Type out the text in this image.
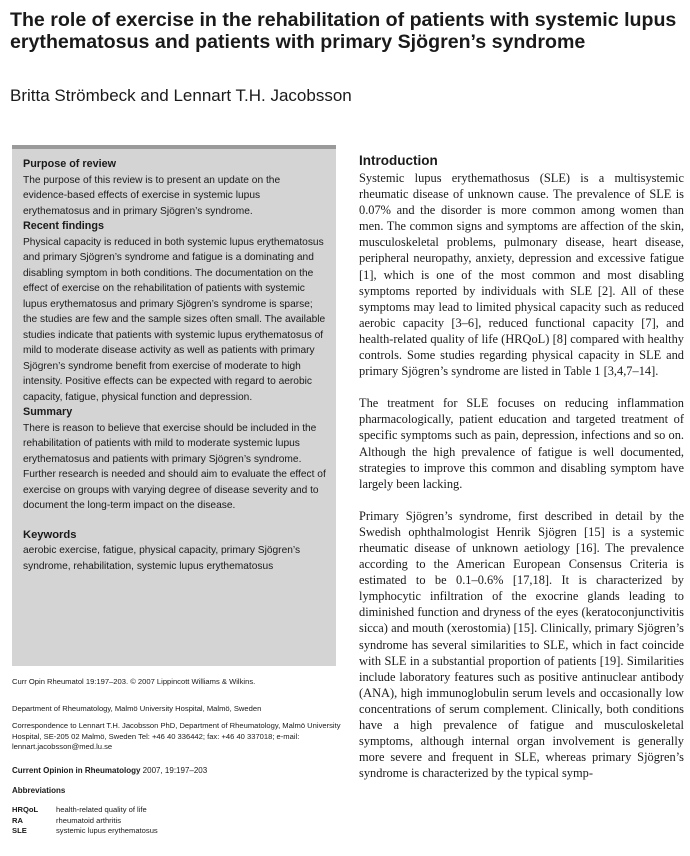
The role of exercise in the rehabilitation of patients with systemic lupus erythematosus and patients with primary Sjögren’s syndrome
Britta Strömbeck and Lennart T.H. Jacobsson
Purpose of review

The purpose of this review is to present an update on the evidence-based effects of exercise in systemic lupus erythematosus and in primary Sjögren’s syndrome.

Recent findings

Physical capacity is reduced in both systemic lupus erythematosus and primary Sjögren’s syndrome and fatigue is a dominating and disabling symptom in both conditions. The documentation on the effect of exercise on the rehabilitation of patients with systemic lupus erythematosus and primary Sjögren’s syndrome is sparse; the studies are few and the sample sizes often small. The available studies indicate that patients with systemic lupus erythematosus of mild to moderate disease activity as well as patients with primary Sjögren’s syndrome benefit from exercise of moderate to high intensity. Positive effects can be expected with regard to aerobic capacity, fatigue, physical function and depression.

Summary

There is reason to believe that exercise should be included in the rehabilitation of patients with mild to moderate systemic lupus erythematosus and patients with primary Sjögren’s syndrome. Further research is needed and should aim to evaluate the effect of exercise on groups with varying degree of disease severity and to document the long-term impact on the disease.

Keywords

aerobic exercise, fatigue, physical capacity, primary Sjögren’s syndrome, rehabilitation, systemic lupus erythematosus

Curr Opin Rheumatol 19:197–203. © 2007 Lippincott Williams & Wilkins.
Department of Rheumatology, Malmö University Hospital, Malmö, Sweden
Correspondence to Lennart T.H. Jacobsson PhD, Department of Rheumatology, Malmö University Hospital, SE-205 02 Malmö, Sweden Tel: +46 40 336442; fax: +46 40 337018; e-mail: lennart.jacobsson@med.lu.se
Current Opinion in Rheumatology 2007, 19:197–203
Abbreviations
HRQoL	health-related quality of life
RA	rheumatoid arthritis
SLE	systemic lupus erythematosus
Introduction

Systemic lupus erythemathosus (SLE) is a multisystemic rheumatic disease of unknown cause. The prevalence of SLE is 0.07% and the disorder is more common among women than men. The common signs and symptoms are affection of the skin, musculoskeletal problems, pulmonary disease, heart disease, peripheral neuropathy, anxiety, depression and excessive fatigue [1], which is one of the most common and most disabling symptoms reported by individuals with SLE [2]. All of these symptoms may lead to limited physical capacity such as reduced aerobic capacity [3–6], reduced functional capacity [7], and health-related quality of life (HRQoL) [8] compared with healthy controls. Some studies regarding physical capacity in SLE and primary Sjögren’s syndrome are listed in Table 1 [3,4,7–14].

The treatment for SLE focuses on reducing inflammation pharmacologically, patient education and targeted treatment of specific symptoms such as pain, depression, infections and so on. Although the high prevalence of fatigue is well documented, strategies to improve this common and disabling symptom have largely been lacking.

Primary Sjögren’s syndrome, first described in detail by the Swedish ophthalmologist Henrik Sjögren [15] is a systemic rheumatic disease of unknown aetiology [16]. The prevalence according to the American European Consensus Criteria is estimated to be 0.1–0.6% [17,18]. It is characterized by lymphocytic infiltration of the exocrine glands leading to diminished function and dryness of the eyes (keratoconjunctivitis sicca) and mouth (xerostomia) [15]. Clinically, primary Sjögren’s syndrome has several similarities to SLE, which in fact coincide with SLE in a substantial proportion of patients [19]. Similarities include laboratory features such as positive antinuclear antibody (ANA), high immunoglobulin serum levels and occasionally low concentrations of serum complement. Clinically, both conditions have a high prevalence of fatigue and musculoskeletal symptoms, although internal organ involvement is generally more severe and frequent in SLE, whereas primary Sjögren’s syndrome is characterized by the typical symp-
